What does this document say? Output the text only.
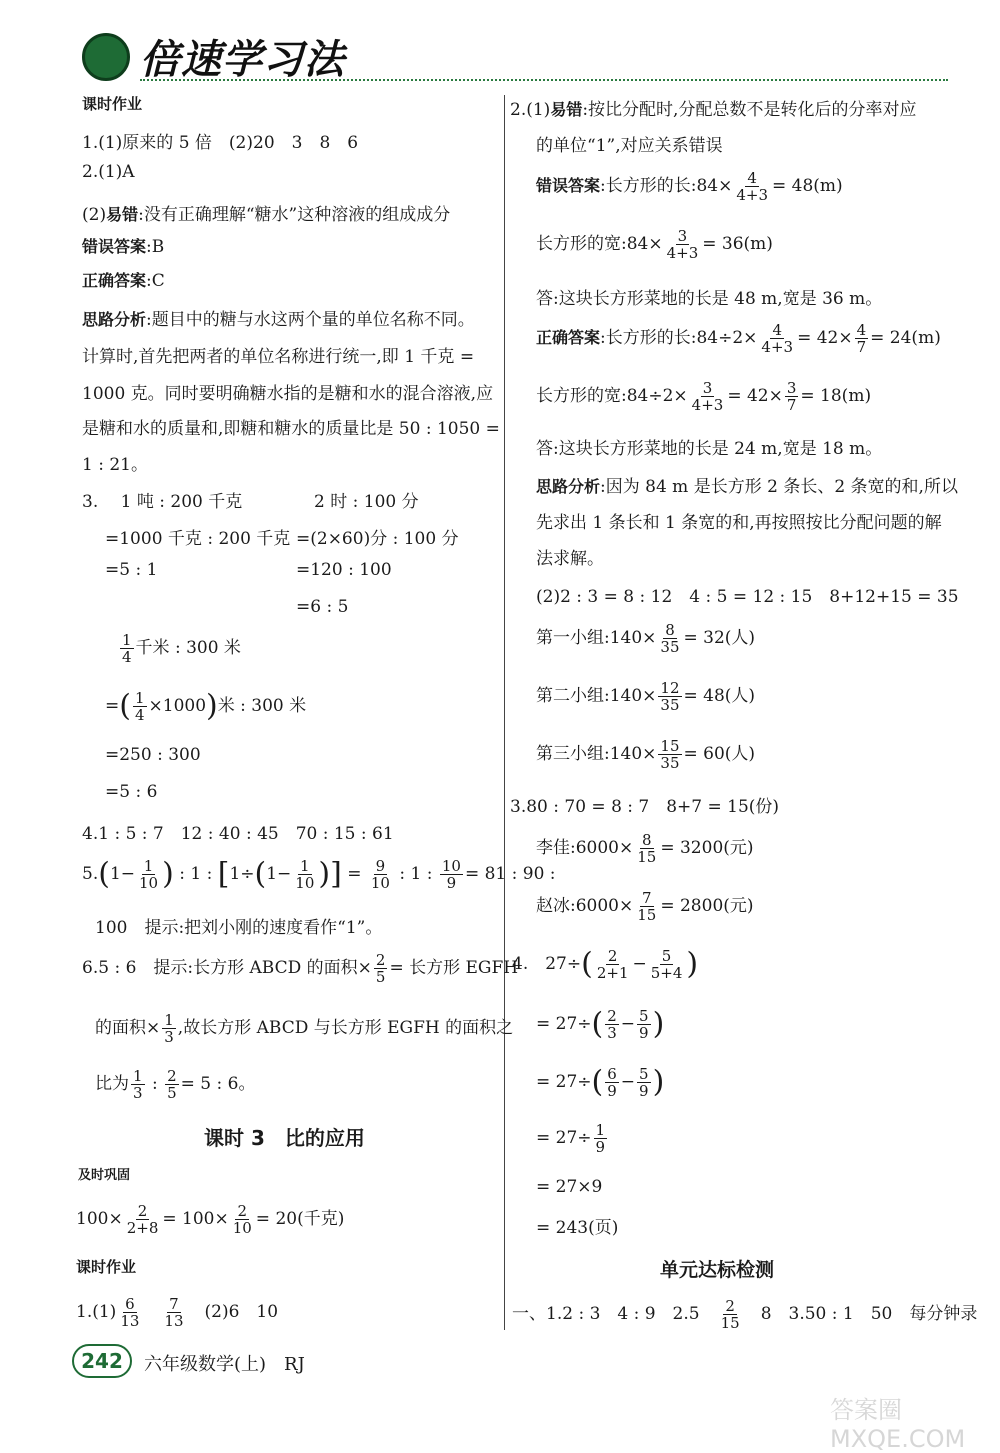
倍速学习法
课时作业
1.(1)原来的 5 倍　(2)20　3　8　6
2.(1)A
(2)易错:没有正确理解“糖水”这种溶液的组成成分
错误答案:B
正确答案:C
思路分析:题目中的糖与水这两个量的单位名称不同。
计算时,首先把两者的单位名称进行统一,即 1 千克 =
1000 克。同时要明确糖水指的是糖和水的混合溶液,应
是糖和水的质量和,即糖和糖水的质量比是 50 : 1050 =
1 : 21。
3.　 1 吨 : 200 千克	2 时 : 100 分
=1000 千克 : 200 千克 =(2×60)分 : 100 分
=5 : 1	=120 : 100
=6 : 5
$\frac{1}{4}$ 千米 : 300 米
=( $\frac{1}{4} \times 1000$)米 : 300 米
=250 : 300
=5 : 6
4.1 : 5 : 7　12 : 40 : 45　70 : 15 : 61
$5.(1- \frac{1}{10}$ ) : 1 : [$1\div(1- \frac{1}{10}$ )] = $\frac{9}{10}$ : 1 : $\frac{10}{9} = 81$ : 90 :
100　提示:把刘小刚的速度看作“1”。
6.5 : 6　提示:长方形 ABCD 的面积× $\frac{2}{5}$ = 长方形 EGFH
的面积× $\frac{1}{3}$ ,故长方形 ABCD 与长方形 EGFH 的面积之
比为 $\frac{1}{3}$ : $\frac{2}{5} = 5$ : 6。
课时 3　比的应用
及时巩固
$100\times \frac{2}{2+8} = 100\times \frac{2}{10} = 20$(千克)
课时作业
$1.(1) \frac{6}{13}$
　 $\frac{7}{13}$
　 (2)6　10
2.(1)易错:按比分配时,分配总数不是转化后的分率对应
的单位“1”,对应关系错误
错误答案:长方形的长:84× $\frac{4}{4+3} = 48(m)$
长方形的宽:84× $\frac{3}{4+3} = 36(m)$
答:这块长方形菜地的长是 48 m,宽是 36 m。
正确答案:长方形的长:84÷2× $\frac{4}{4+3} = 42\times \frac{4}{7} = 24(m)$
长方形的宽:84÷2× $\frac{3}{4+3} = 42\times \frac{3}{7} = 18(m)$
答:这块长方形菜地的长是 24 m,宽是 18 m。
思路分析:因为 84 m 是长方形 2 条长、2 条宽的和,所以
先求出 1 条长和 1 条宽的和,再按照按比分配问题的解
法求解。
(2)2 : 3 = 8 : 12　4 : 5 = 12 : 15　8+12+15 = 35
第一小组:140× $\frac{8}{35} = 32$(人)
第二小组:140× $\frac{12}{35} = 48$(人)
第三小组:140× $\frac{15}{35} = 60$(人)
3.80 : 70 = 8 : 7　8+7 = 15(份)
李佳:6000× $\frac{8}{15} = 3200$(元)
赵冰:6000× $\frac{7}{15} = 2800$(元)
4.　$27\div( \frac{2}{2+1} - \frac{5}{5+4}$ )
= $27\div( \frac{2}{3} - \frac{5}{9}$ )
= $27\div( \frac{6}{9} - \frac{5}{9}$ )
= $27\div \frac{1}{9}$
= 27×9
= 243(页)
单元达标检测
一、1.2 : 3　4 : 9　2.5　 $\frac{2}{15}$
　 8　3.50 : 1　50　每分钟录
242	六年级数学(上)　RJ
答案圈 MXQE.COM
